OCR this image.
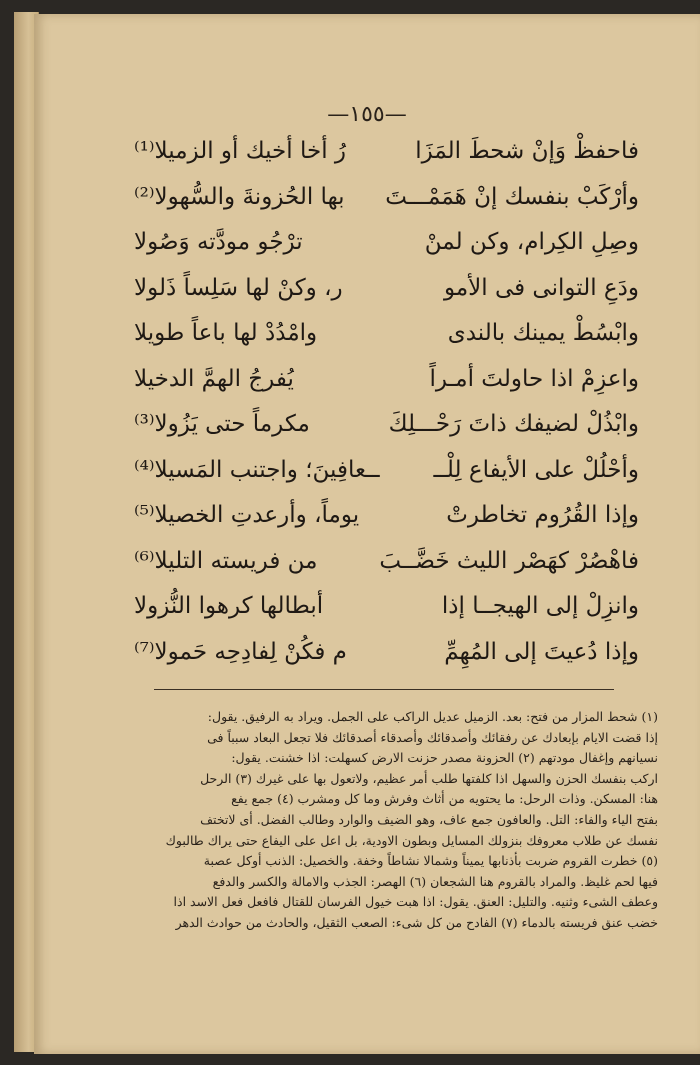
—١٥٥—
فاحفظْ وَإنْ شحطَ المَزَا
رُ أخا أخيك أو الزميلا⁽¹⁾
وأرْكَبْ بنفسك إنْ هَمَمْـــتَ
بها الحُزونةَ والسُّهولا⁽²⁾
وصِلِ الكِرام، وكن لمنْ
ترْجُو مودَّته وَصُولا
ودَعِ التوانى فى الأمو
ر، وكنْ لها سَلِساً ذَلولا
وابْسُطْ يمينك بالندى
وامْدُدْ لها باعاً طويلا
واعزِمْ اذا حاولتَ أمـراً
يُفرجُ الهمَّ الدخيلا
وابْذُلْ لضيفك ذاتَ رَحْـــلِكَ
مكرماً حتى يَزُولا⁽³⁾
وأحْلُلْ على الأيفاع لِلْــ
ــعافِينَ؛ واجتنب المَسيلا⁽⁴⁾
وإذا القُرُوم تخاطرتْ
يوماً، وأرعدتِ الخصيلا⁽⁵⁾
فاهْصُرْ كهَصْر الليث خَضَّــبَ
من فريسته التليلا⁽⁶⁾
وانزِلْ إلى الهيجــا إذا
أبطالها كرهوا النُّزولا
وإذا دُعيتَ إلى المُهِمِّ
م فكُنْ لِفادِحِه حَمولا⁽⁷⁾
(١) شحط المزار من فتح: بعد. الزميل عديل الراكب على الجمل. ويراد به الرفيق. يقول:
إذا قضت الايام بإبعادك عن رفقائك وأصدقائك وأصدقاء أصدقائك فلا تجعل البعاد سبباً فى
نسيانهم وإغفال مودتهم (٢) الحزونة مصدر حزنت الارض كسهلت: اذا خشنت. يقول:
اركب بنفسك الحزن والسهل اذا كلفتها طلب أمر عظيم، ولاتعول بها على غيرك (٣) الرحل
هنا: المسكن. وذات الرحل: ما يحتويه من أثاث وفرش وما كل ومشرب (٤) جمع يفع
بفتح الياء والفاء: التل. والعافون جمع عاف، وهو الضيف والوارد وطالب الفضل. أى لاتختف
نفسك عن طلاب معروفك بنزولك المسايل وبطون الاودية، بل اعل على اليفاع حتى يراك طالبوك
(٥) خطرت القروم ضربت بأذنابها يميناً وشمالا نشاطاً وخفة. والخصيل: الذنب أوكل عصبة
فيها لحم غليظ. والمراد بالقروم هنا الشجعان (٦) الهصر: الجذب والامالة والكسر والدفع
وعطف الشىء وثنيه. والتليل: العنق. يقول: اذا هبت خيول الفرسان للقتال فافعل فعل الاسد اذا
خضب عنق فريسته بالدماء (٧) الفادح من كل شىء: الصعب الثقيل، والحادث من حوادث الدهر
